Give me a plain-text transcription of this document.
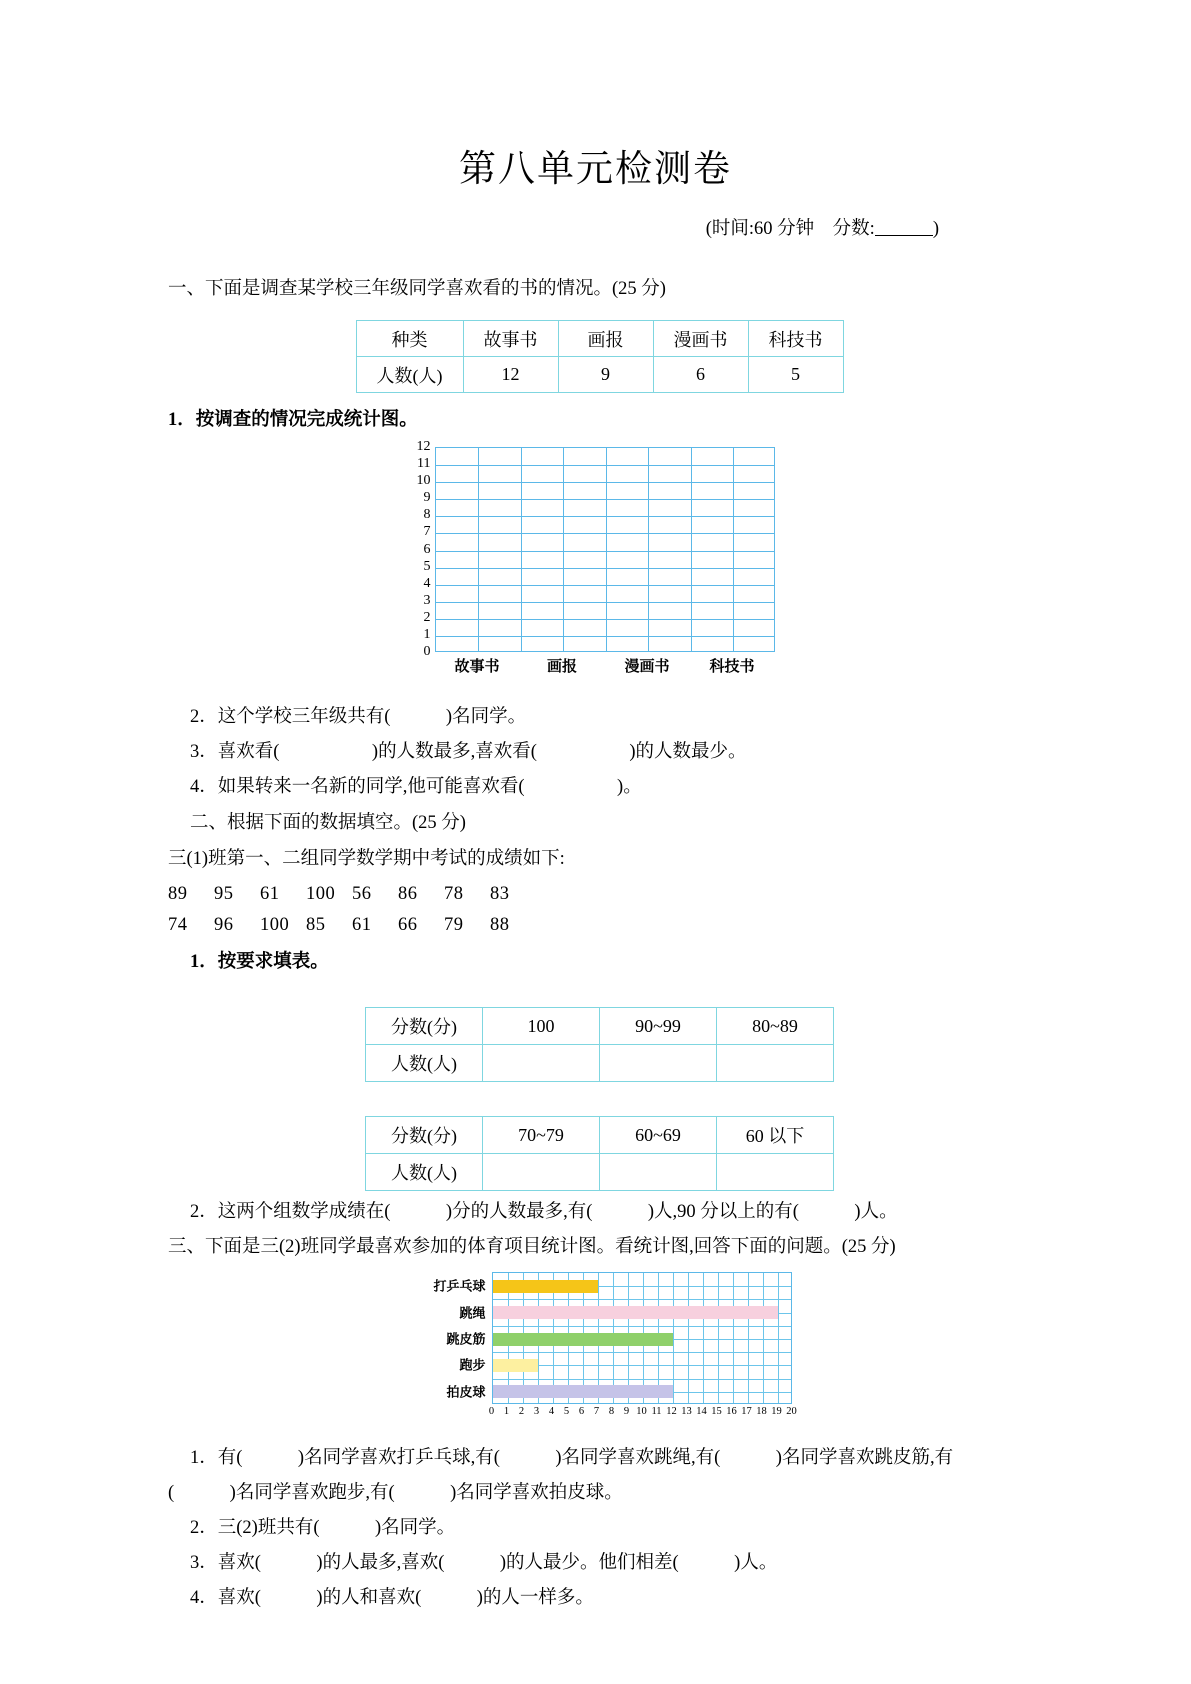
第八单元检测卷
(时间:60 分钟　分数:	)

一、下面是调查某学校三年级同学喜欢看的书的情况。(25 分)

种类	故事书	画报	漫画书	科技书
人数(人)	12	9	6	5

1．按调查的情况完成统计图。

0
1
2
3
4
5
6
7
8
9
10
11
12
故事书	画报	漫画书	科技书

2．这个学校三年级共有(　　　)名同学。

3．喜欢看(　　　　　)的人数最多,喜欢看(　　　　　)的人数最少。

4．如果转来一名新的同学,他可能喜欢看(　　　　　)。

二、根据下面的数据填空。(25 分)

三(1)班第一、二组同学数学期中考试的成绩如下:

89 95 61 100 56 86 78 83

74 96 100 85 61 66 79 88

1．按要求填表。

分数(分)	100	90~99	80~89
人数(人)			

分数(分)	70~79	60~69	60 以下
人数(人)			

2．这两个组数学成绩在(　　　)分的人数最多,有(　　　)人,90 分以上的有(　　　)人。

三、下面是三(2)班同学最喜欢参加的体育项目统计图。看统计图,回答下面的问题。(25 分)

打乒乓球
跳绳
跳皮筋
跑步
拍皮球
0 1 2 3 4 5 6 7 8 9 10 11 12 13 14 15 16 17 18 19 20

1．有(　　　)名同学喜欢打乒乓球,有(　　　)名同学喜欢跳绳,有(　　　)名同学喜欢跳皮筋,有

(　　　)名同学喜欢跑步,有(　　　)名同学喜欢拍皮球。

2．三(2)班共有(　　　)名同学。

3．喜欢(　　　)的人最多,喜欢(　　　)的人最少。他们相差(　　　)人。

4．喜欢(　　　)的人和喜欢(　　　)的人一样多。
